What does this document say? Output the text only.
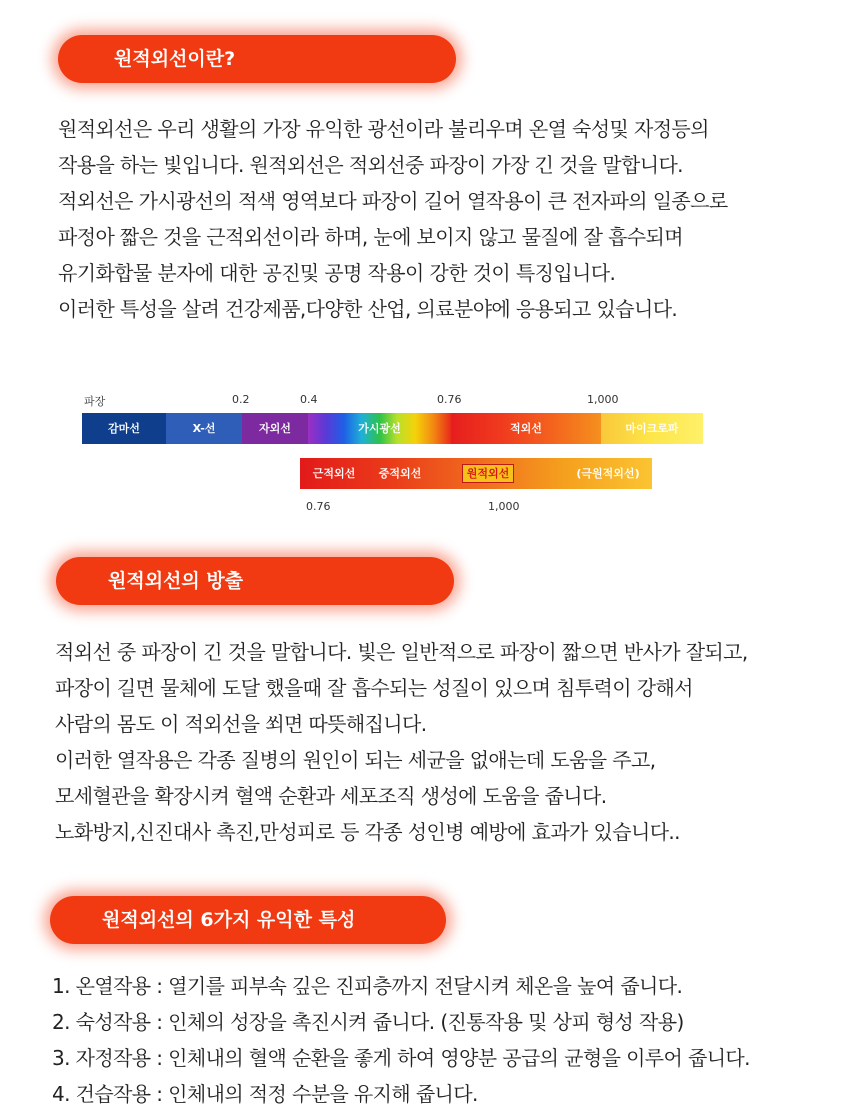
원적외선이란?
원적외선은 우리 생활의 가장 유익한 광선이라 불리우며 온열 숙성및 자정등의
작용을 하는 빛입니다. 원적외선은 적외선중 파장이 가장 긴 것을 말합니다.
적외선은 가시광선의 적색 영역보다 파장이 길어 열작용이 큰 전자파의 일종으로
파정아 짧은 것을 근적외선이라 하며, 눈에 보이지 않고 물질에 잘 흡수되며
유기화합물 분자에 대한 공진및 공명 작용이 강한 것이 특징입니다.
이러한 특성을 살려 건강제품,다양한 산업, 의료분야에 응용되고 있습니다.
파장	0.2	0.4	0.76	1,000
감마선	X-선	자외선	가시광선	적외선	마이크로파
근적외선	중적외선	원적외선	(극원적외선)
0.76	1,000
원적외선의 방출
적외선 중 파장이 긴 것을 말합니다. 빛은 일반적으로 파장이 짧으면 반사가 잘되고,
파장이 길면 물체에 도달 했을때 잘 흡수되는 성질이 있으며 침투력이 강해서
사람의 몸도 이 적외선을 쐬면 따뜻해집니다.
이러한 열작용은 각종 질병의 원인이 되는 세균을 없애는데 도움을 주고,
모세혈관을 확장시켜 혈액 순환과 세포조직 생성에 도움을 줍니다.
노화방지,신진대사 촉진,만성피로 등 각종 성인병 예방에 효과가 있습니다..
원적외선의 6가지 유익한 특성
1. 온열작용 : 열기를 피부속 깊은 진피층까지 전달시켜 체온을 높여 줍니다.
2. 숙성작용 : 인체의 성장을 촉진시켜 줍니다. (진통작용 및 상피 형성 작용)
3. 자정작용 : 인체내의 혈액 순환을 좋게 하여 영양분 공급의 균형을 이루어 줍니다.
4. 건습작용 : 인체내의 적정 수분을 유지해 줍니다.
